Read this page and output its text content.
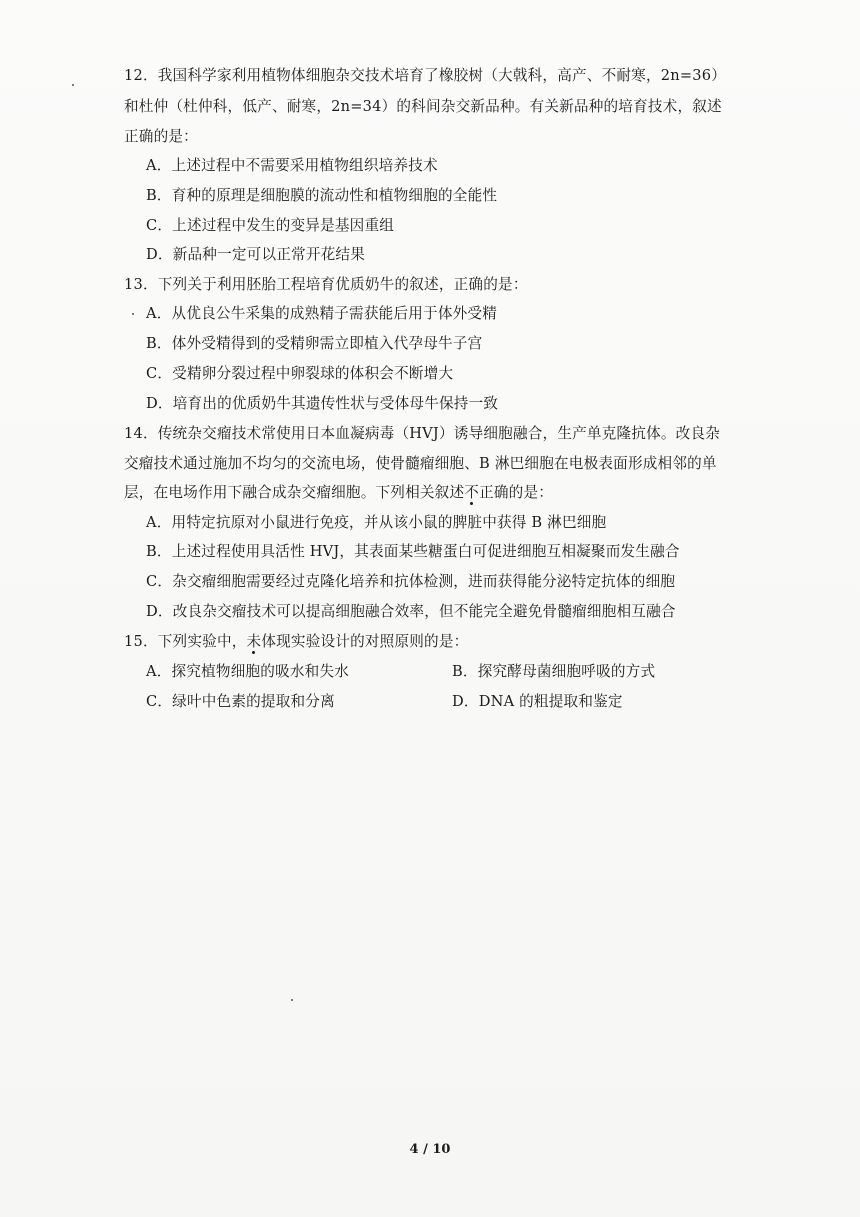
12．我国科学家利用植物体细胞杂交技术培育了橡胶树（大戟科，高产、不耐寒，2n=36）
和杜仲（杜仲科，低产、耐寒，2n=34）的科间杂交新品种。有关新品种的培育技术，叙述
正确的是：
A．上述过程中不需要采用植物组织培养技术
B．育种的原理是细胞膜的流动性和植物细胞的全能性
C．上述过程中发生的变异是基因重组
D．新品种一定可以正常开花结果
13．下列关于利用胚胎工程培育优质奶牛的叙述，正确的是：
A．从优良公牛采集的成熟精子需获能后用于体外受精
B．体外受精得到的受精卵需立即植入代孕母牛子宫
C．受精卵分裂过程中卵裂球的体积会不断增大
D．培育出的优质奶牛其遗传性状与受体母牛保持一致
14．传统杂交瘤技术常使用日本血凝病毒（HVJ）诱导细胞融合，生产单克隆抗体。改良杂
交瘤技术通过施加不均匀的交流电场，使骨髓瘤细胞、B 淋巴细胞在电极表面形成相邻的单
层，在电场作用下融合成杂交瘤细胞。下列相关叙述不正确的是：
A．用特定抗原对小鼠进行免疫，并从该小鼠的脾脏中获得 B 淋巴细胞
B．上述过程使用具活性 HVJ，其表面某些糖蛋白可促进细胞互相凝聚而发生融合
C．杂交瘤细胞需要经过克隆化培养和抗体检测，进而获得能分泌特定抗体的细胞
D．改良杂交瘤技术可以提高细胞融合效率，但不能完全避免骨髓瘤细胞相互融合
15．下列实验中，未体现实验设计的对照原则的是：
A．探究植物细胞的吸水和失水	B．探究酵母菌细胞呼吸的方式
C．绿叶中色素的提取和分离	D．DNA 的粗提取和鉴定
4 / 10
